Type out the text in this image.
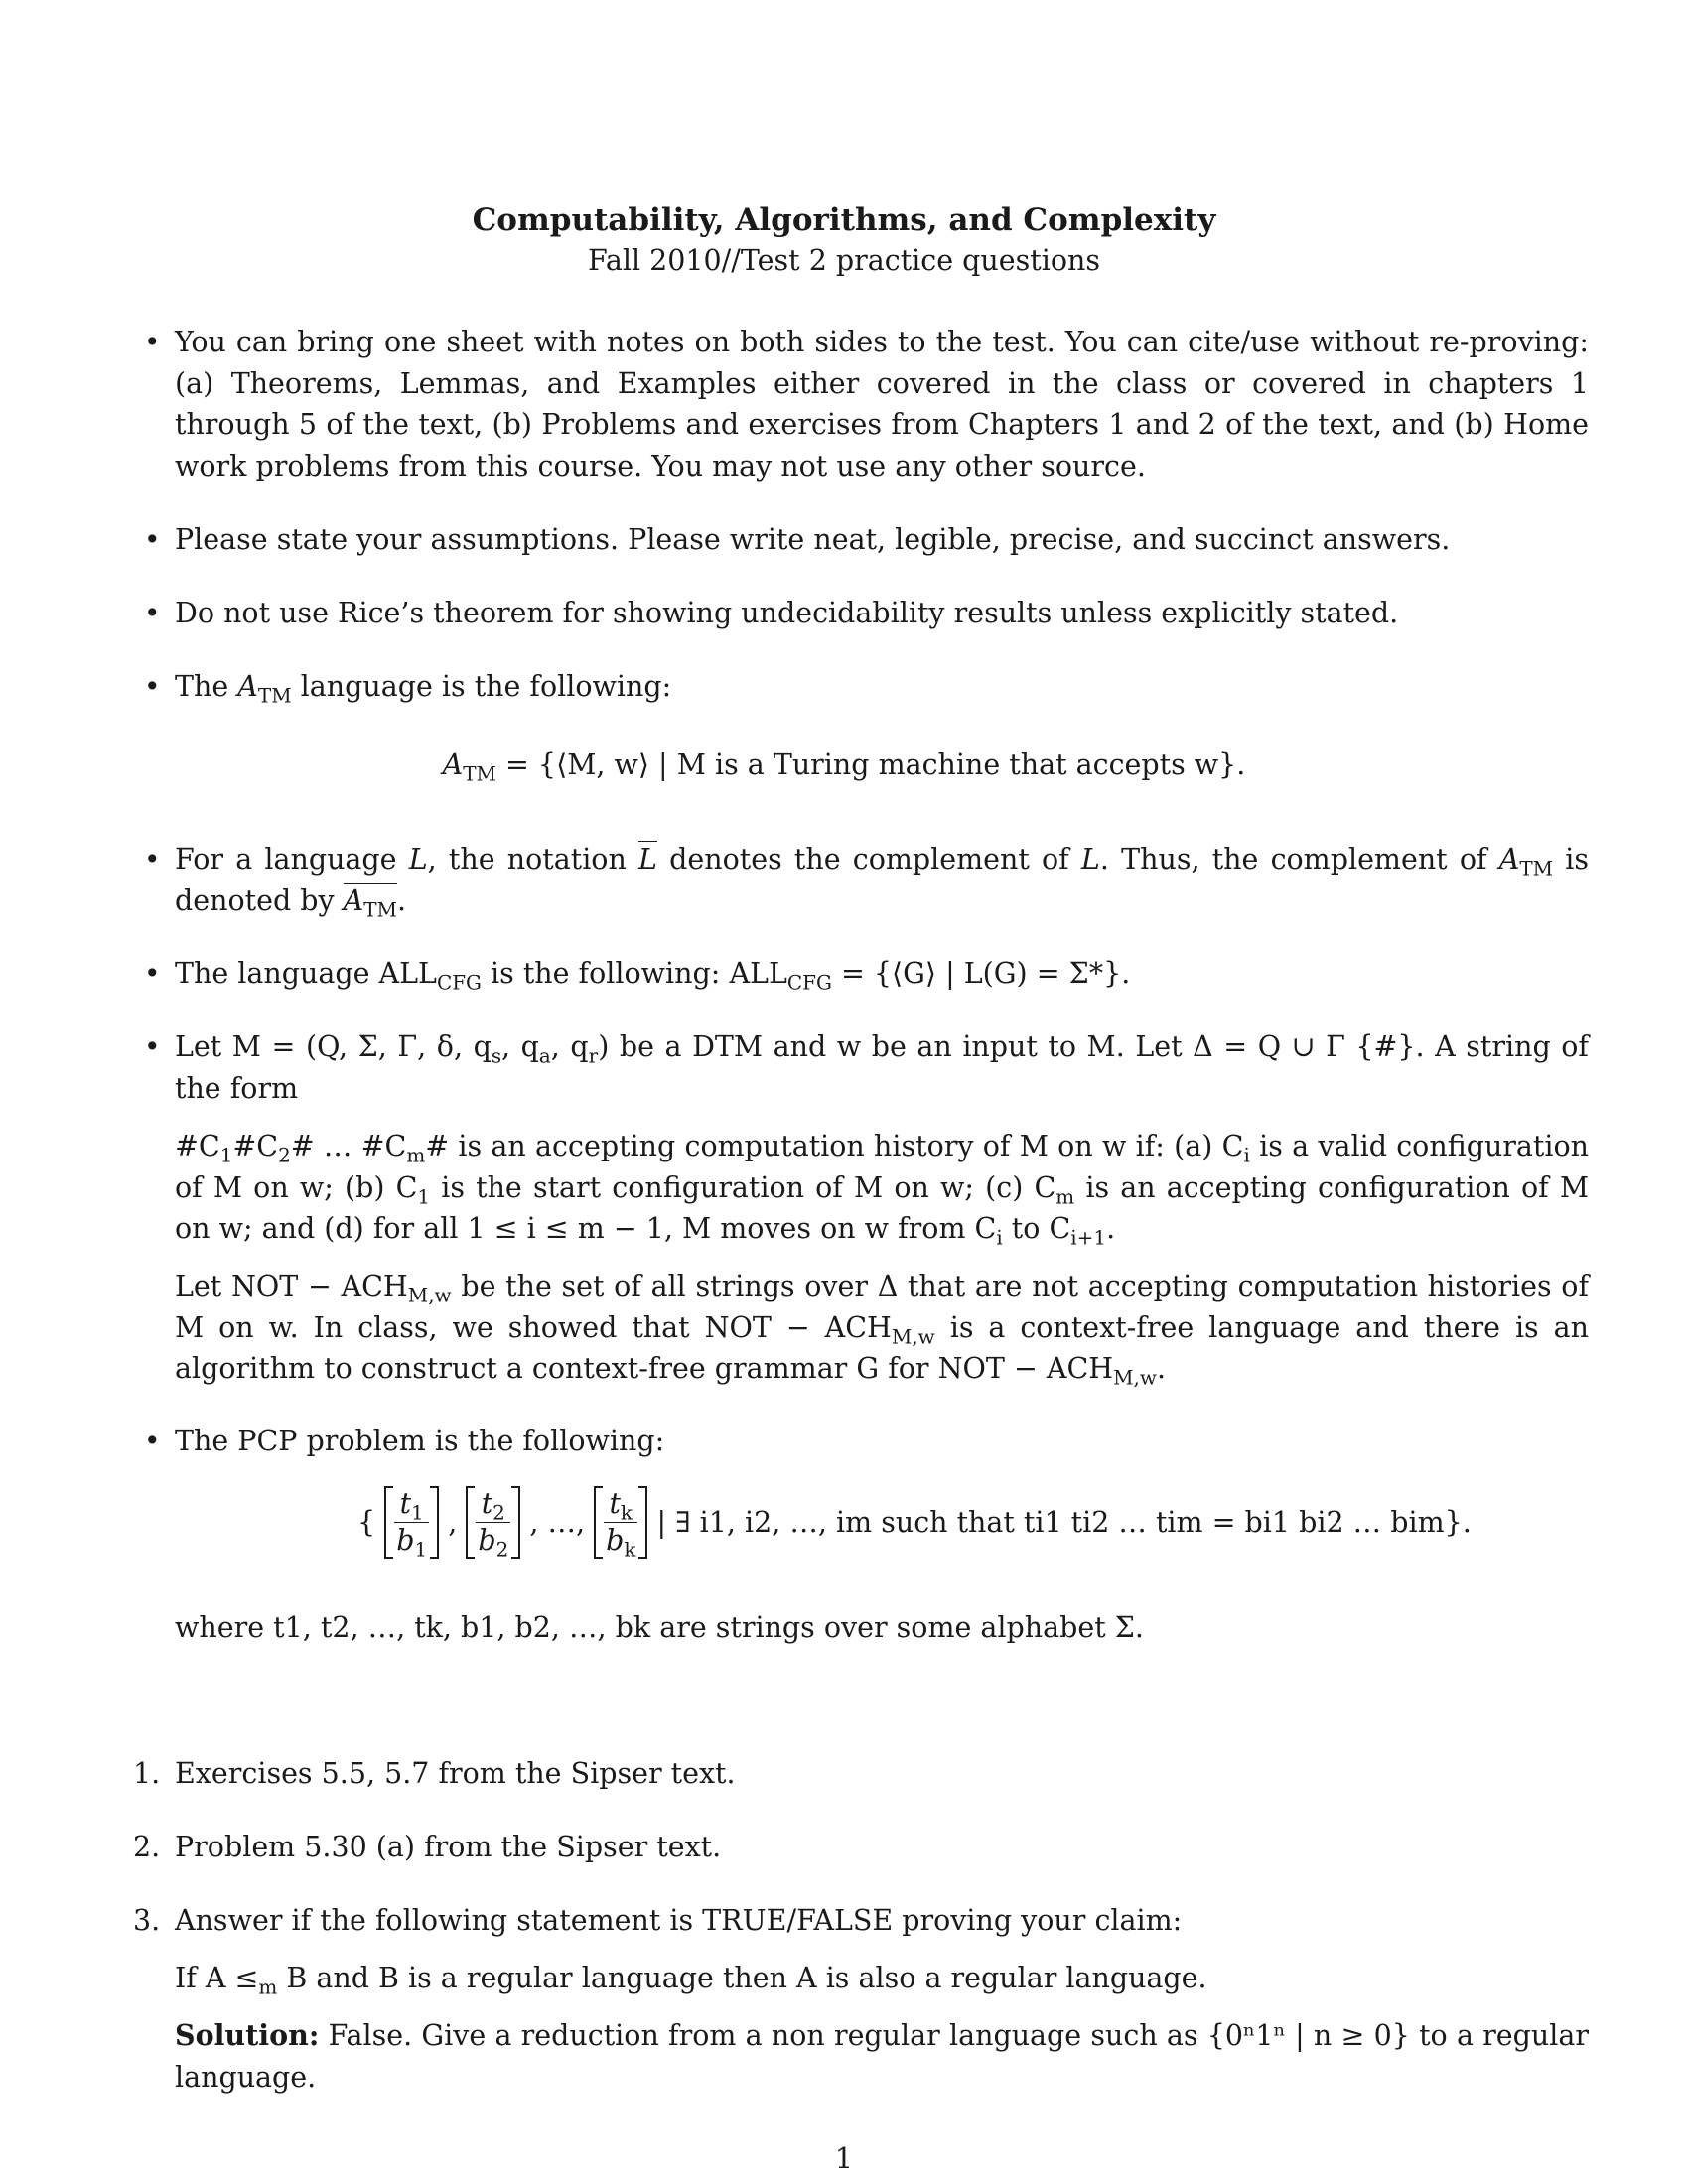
Computability, Algorithms, and Complexity
Fall 2010//Test 2 practice questions
• You can bring one sheet with notes on both sides to the test. You can cite/use without re-proving: (a) Theorems, Lemmas, and Examples either covered in the class or covered in chapters 1 through 5 of the text, (b) Problems and exercises from Chapters 1 and 2 of the text, and (b) Home work problems from this course. You may not use any other source.
• Please state your assumptions. Please write neat, legible, precise, and succinct answers.
• Do not use Rice’s theorem for showing undecidability results unless explicitly stated.
• The $A_{TM}$ language is the following:
$A_{TM}$ = {⟨M, w⟩ | M is a Turing machine that accepts w}.
• For a language L, the notation L denotes the complement of L. Thus, the complement of $A_{TM}$ is denoted by $A_{TM}$.
• The language $ALL_{CFG}$ is the following: $ALL_{CFG}$ = {⟨G⟩ | L(G) = Σ*}.
• Let M = (Q, Σ, Γ, δ, $q_s$, $q_a$, $q_r$) be a DTM and w be an input to M. Let Δ = Q ∪ Γ {#}. A string of the form
$\#C_1\#C_2\#$ … $\#C_m\#$ is an accepting computation history of M on w if: (a) $C_i$ is a valid configuration of M on w; (b) $C_1$ is the start configuration of M on w; (c) $C_m$ is an accepting configuration of M on w; and (d) for all 1 ≤ i ≤ m − 1, M moves on w from $C_i$ to $C_{i+1}$.
Let NOT − $ACH_{M,w}$ be the set of all strings over Δ that are not accepting computation histories of M on w. In class, we showed that NOT − $ACH_{M,w}$ is a context-free language and there is an algorithm to construct a context-free grammar G for NOT − $ACH_{M,w}$.
• The PCP problem is the following:
{ $\frac{t_1}{b_1}$ , $\frac{t_2}{b_2}$ , …, $\frac{t_k}{b_k}$ | ∃ i1, i2, …, im such that ti1 ti2 … tim = bi1 bi2 … bim}.
where t1, t2, …, tk, b1, b2, …, bk are strings over some alphabet Σ.
1. Exercises 5.5, 5.7 from the Sipser text.
2. Problem 5.30 (a) from the Sipser text.
3. Answer if the following statement is TRUE/FALSE proving your claim:
If $A \le_m$ B and B is a regular language then A is also a regular language.
Solution: False. Give a reduction from a non regular language such as {0ⁿ1ⁿ | n ≥ 0} to a regular language.
1
